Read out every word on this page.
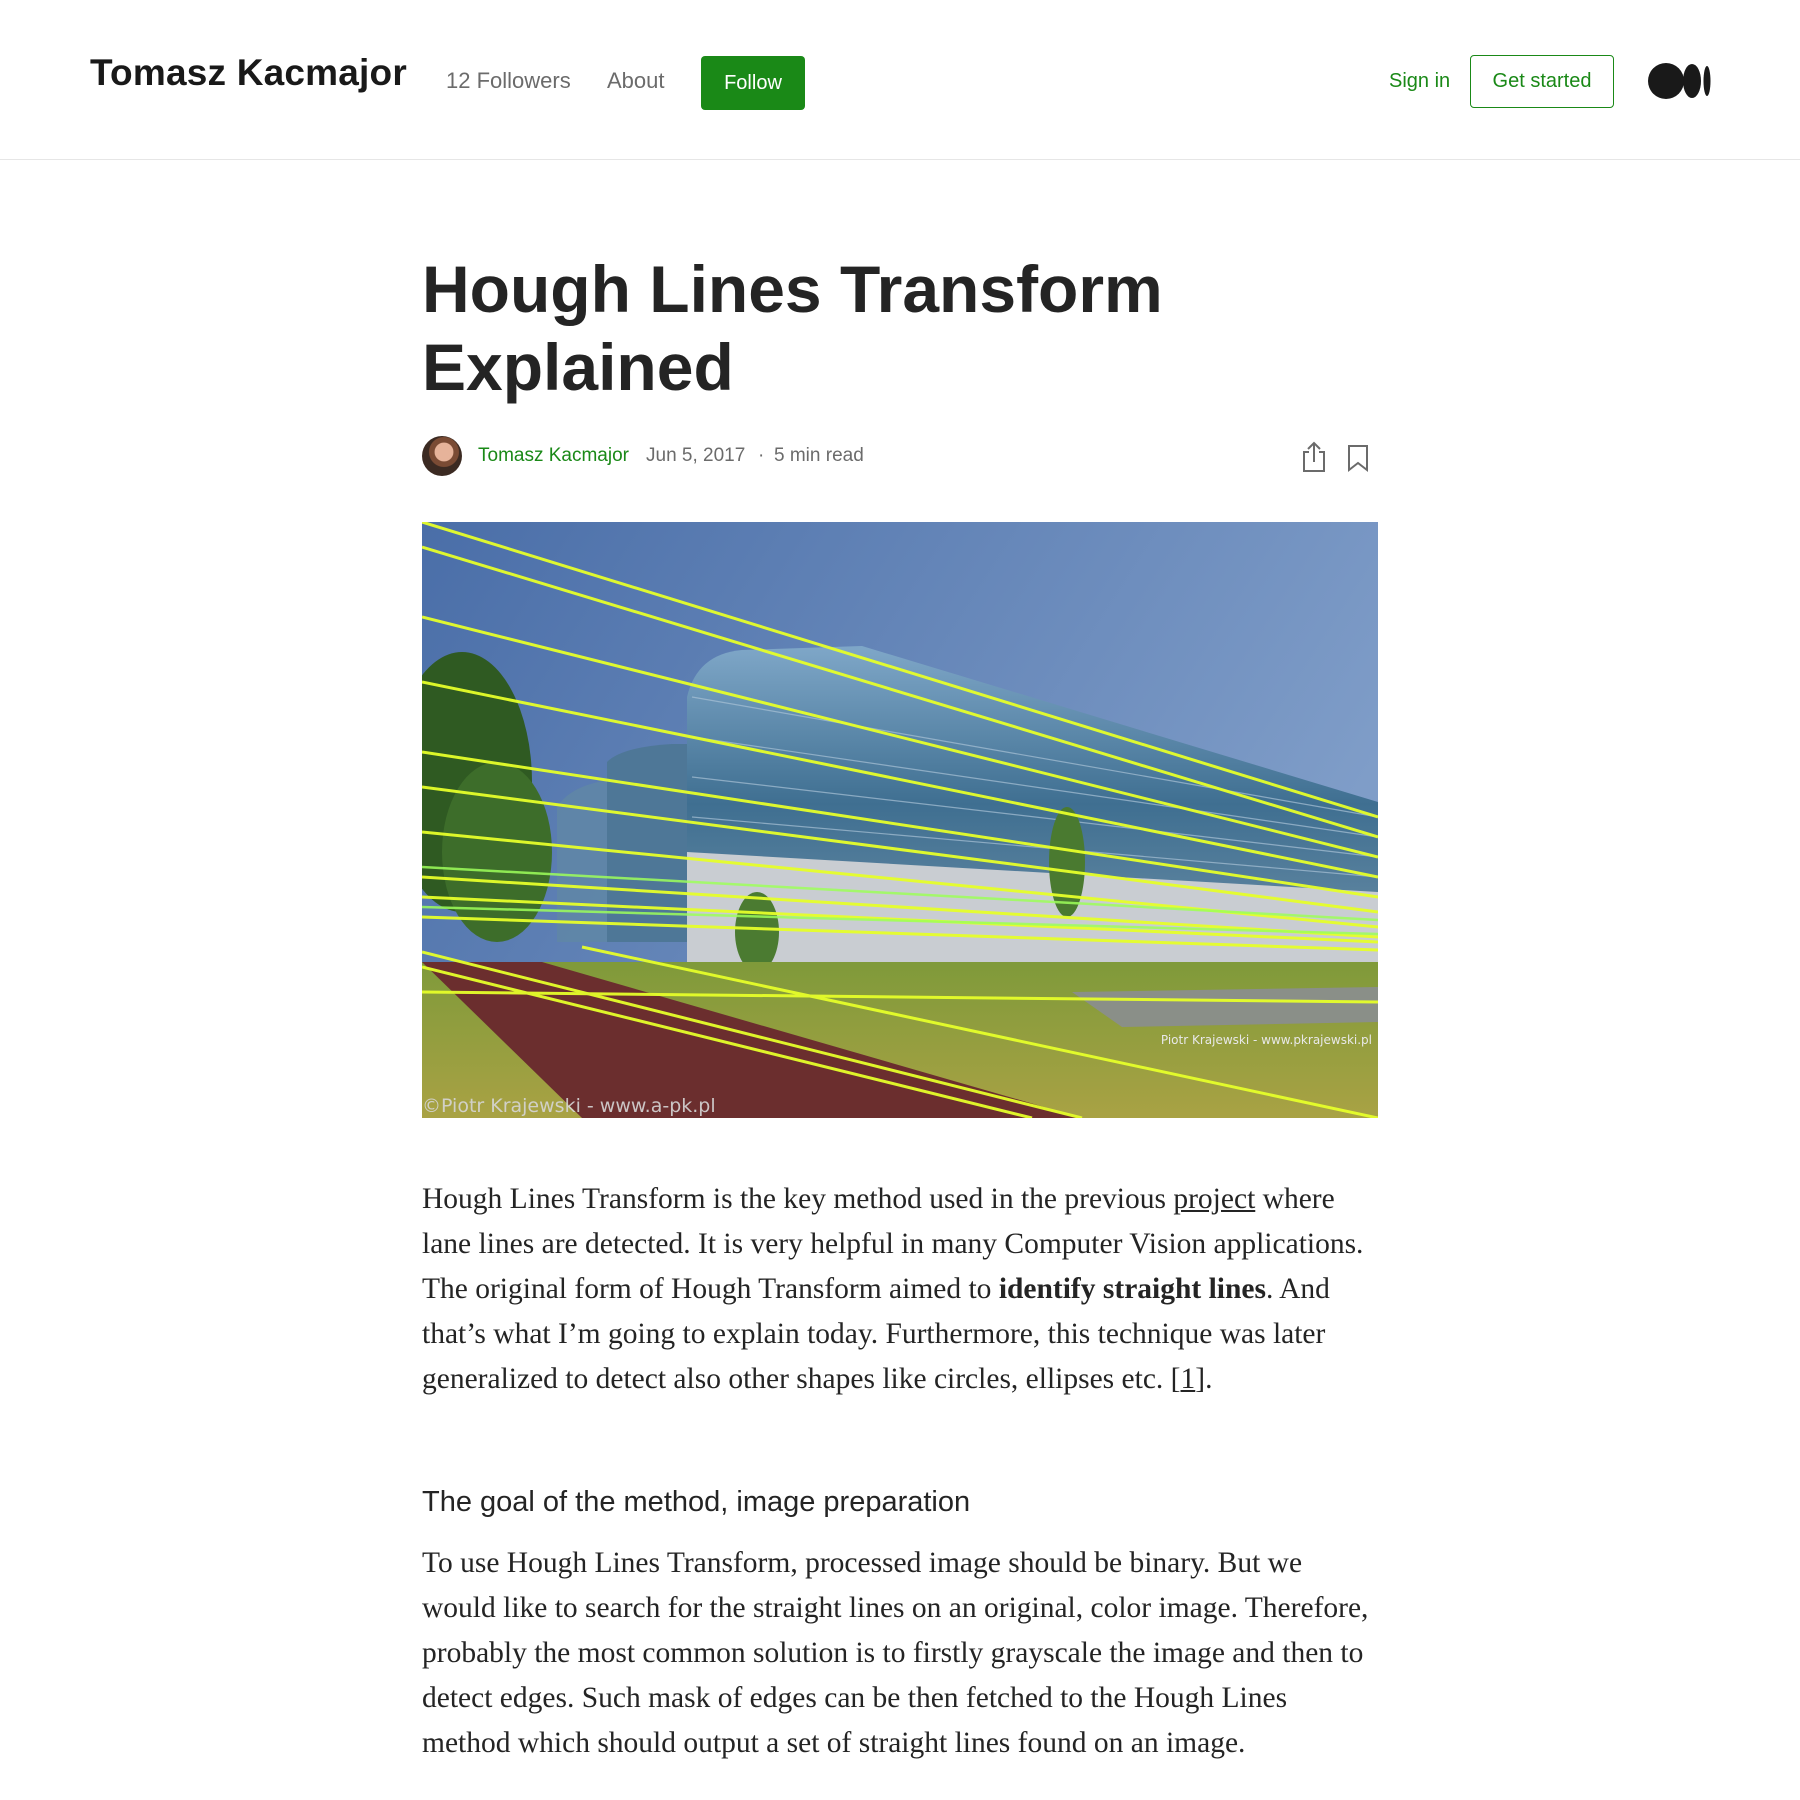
Tomasz Kacmajor 12 Followers About	Follow	Sign in	Get started
Hough Lines Transform
Explained
Tomasz Kacmajor Jun 5, 2017 · 5 min read
Piotr Krajewski - www.pkrajewski.pl
©Piotr Krajewski - www.a-pk.pl

Hough Lines Transform is the key method used in the previous project where lane lines are detected. It is very helpful in many Computer Vision applications. The original form of Hough Transform aimed to identify straight lines. And that’s what I’m going to explain today. Furthermore, this technique was later generalized to detect also other shapes like circles, ellipses etc. [1].

The goal of the method, image preparation

To use Hough Lines Transform, processed image should be binary. But we would like to search for the straight lines on an original, color image. Therefore, probably the most common solution is to firstly grayscale the image and then to detect edges. Such mask of edges can be then fetched to the Hough Lines method which should output a set of straight lines found on an image.
